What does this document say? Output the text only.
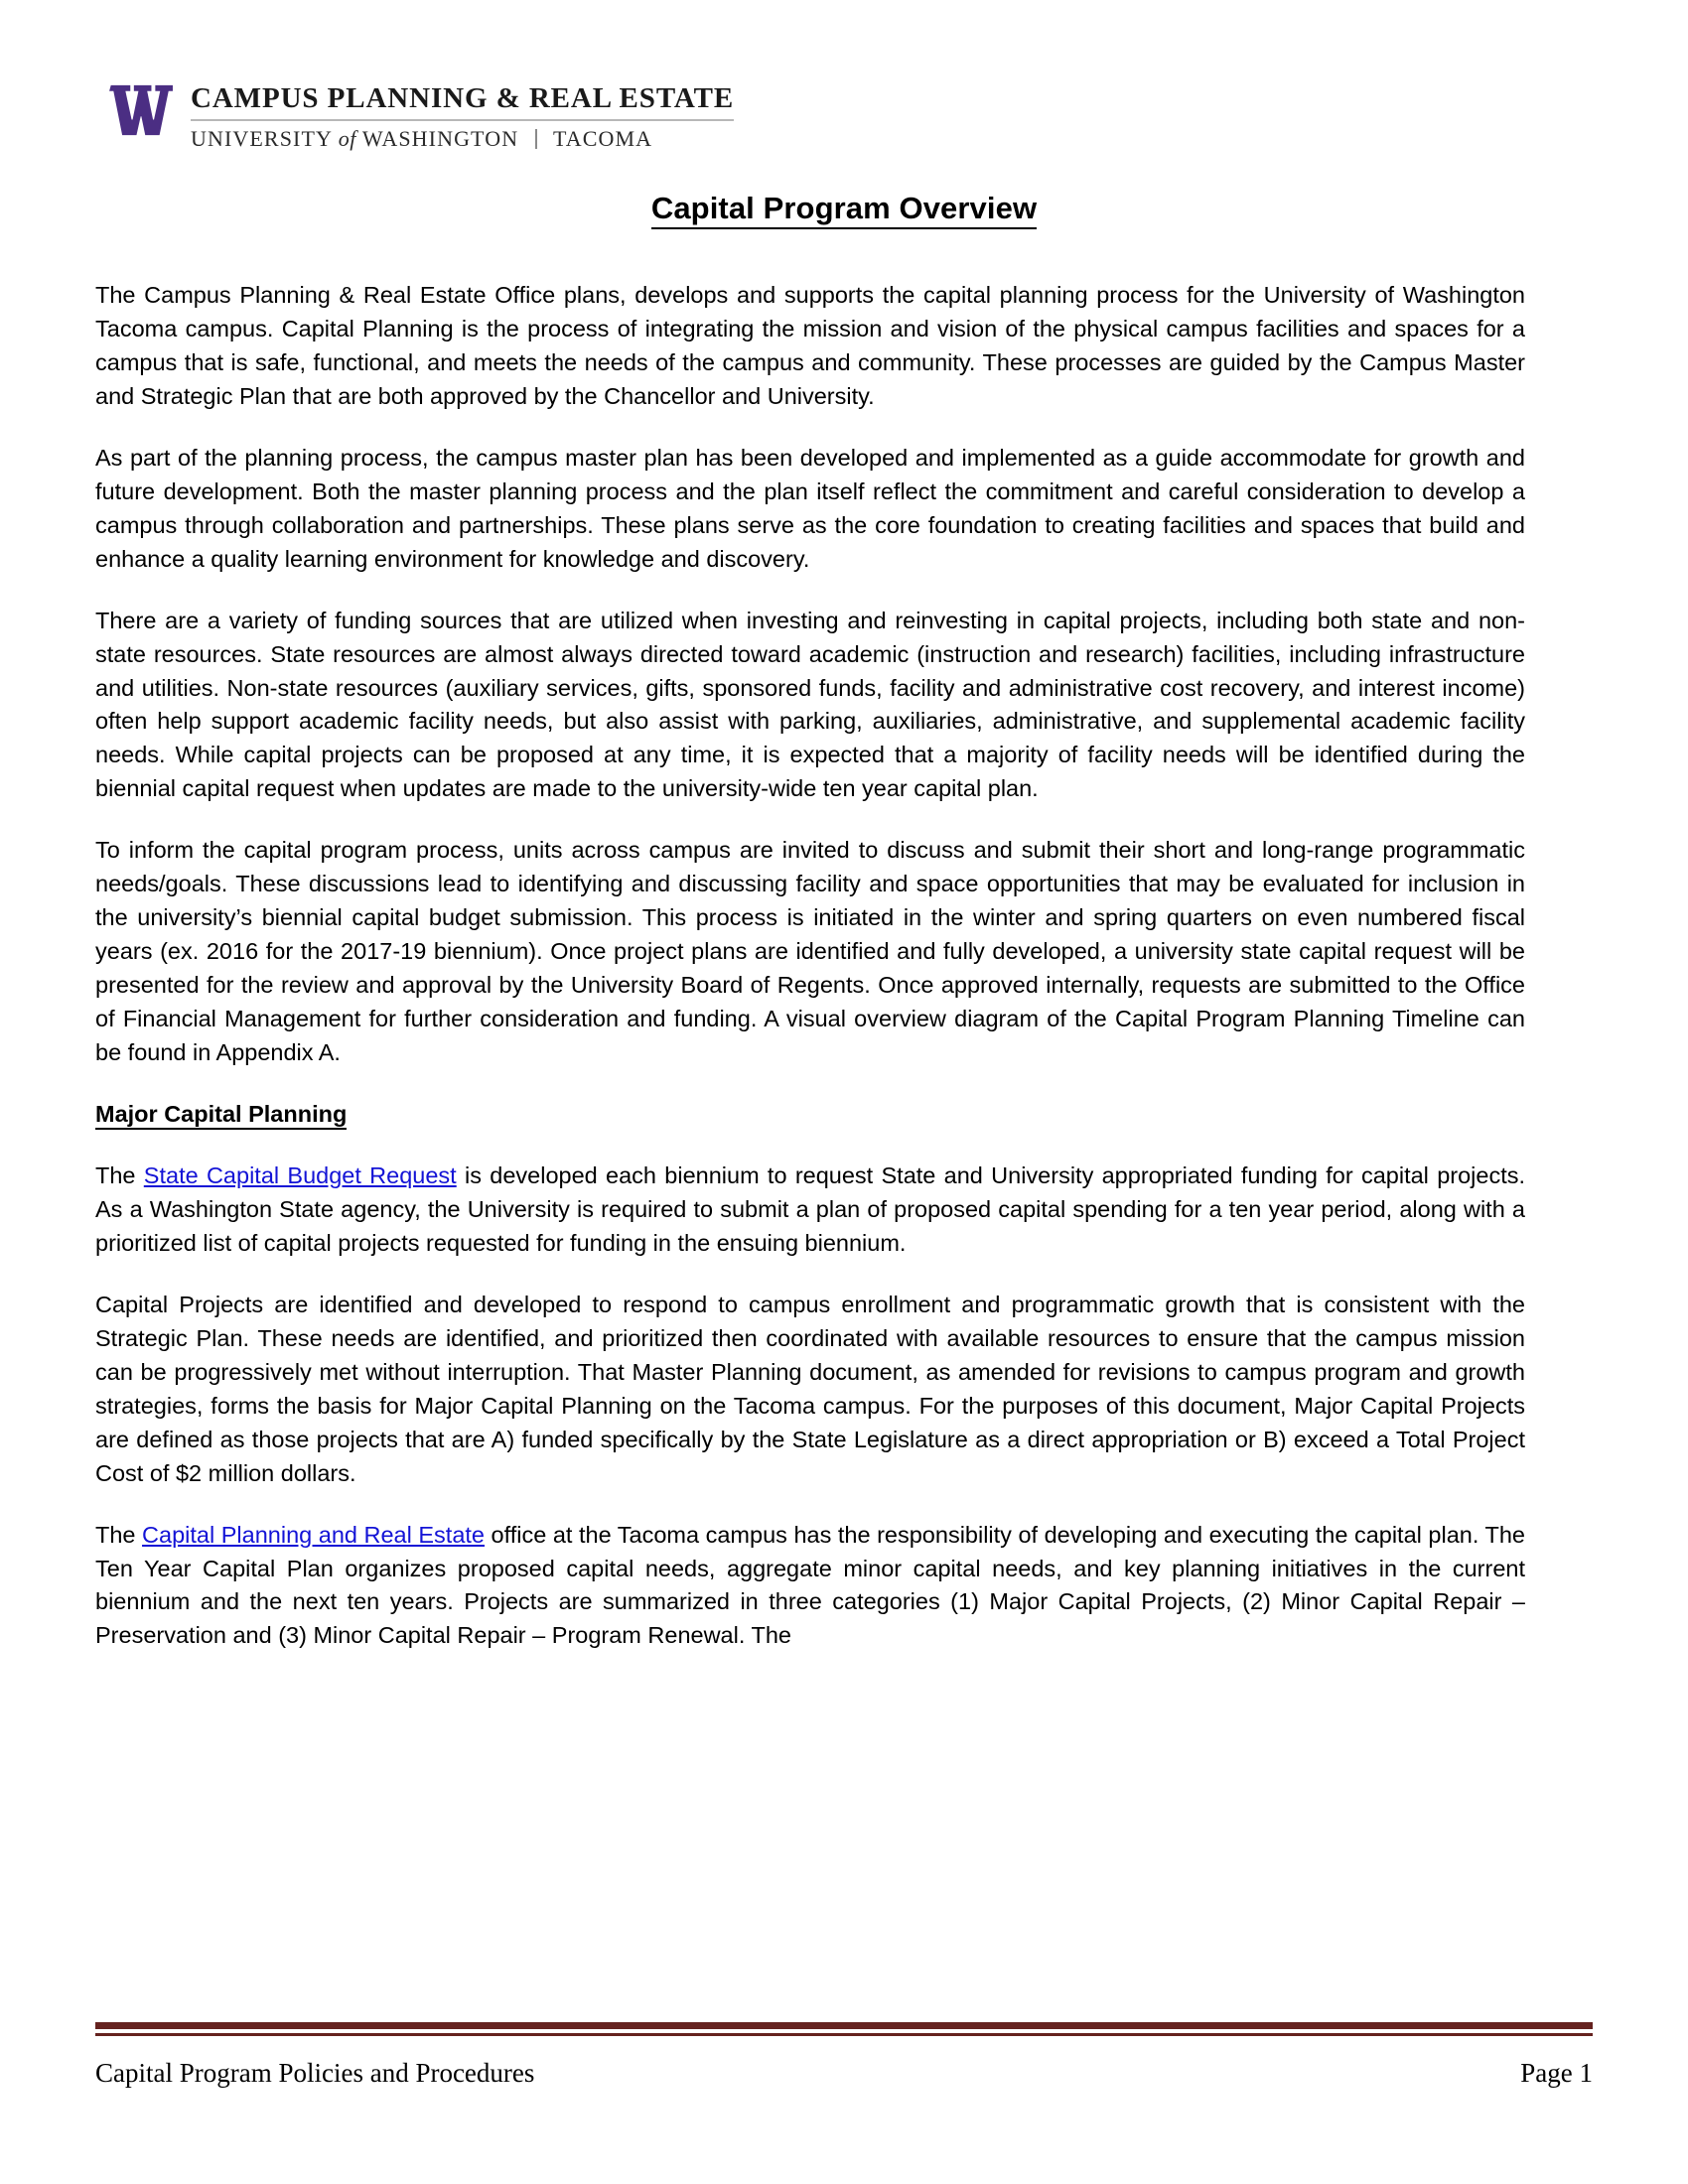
CAMPUS PLANNING & REAL ESTATE
UNIVERSITY of WASHINGTON TACOMA
Capital Program Overview

The Campus Planning & Real Estate Office plans, develops and supports the capital planning process for the University of Washington Tacoma campus. Capital Planning is the process of integrating the mission and vision of the physical campus facilities and spaces for a campus that is safe, functional, and meets the needs of the campus and community. These processes are guided by the Campus Master and Strategic Plan that are both approved by the Chancellor and University.

As part of the planning process, the campus master plan has been developed and implemented as a guide accommodate for growth and future development. Both the master planning process and the plan itself reflect the commitment and careful consideration to develop a campus through collaboration and partnerships. These plans serve as the core foundation to creating facilities and spaces that build and enhance a quality learning environment for knowledge and discovery.

There are a variety of funding sources that are utilized when investing and reinvesting in capital projects, including both state and non-state resources. State resources are almost always directed toward academic (instruction and research) facilities, including infrastructure and utilities. Non-state resources (auxiliary services, gifts, sponsored funds, facility and administrative cost recovery, and interest income) often help support academic facility needs, but also assist with parking, auxiliaries, administrative, and supplemental academic facility needs. While capital projects can be proposed at any time, it is expected that a majority of facility needs will be identified during the biennial capital request when updates are made to the university-wide ten year capital plan.

To inform the capital program process, units across campus are invited to discuss and submit their short and long-range programmatic needs/goals. These discussions lead to identifying and discussing facility and space opportunities that may be evaluated for inclusion in the university’s biennial capital budget submission. This process is initiated in the winter and spring quarters on even numbered fiscal years (ex. 2016 for the 2017-19 biennium). Once project plans are identified and fully developed, a university state capital request will be presented for the review and approval by the University Board of Regents. Once approved internally, requests are submitted to the Office of Financial Management for further consideration and funding. A visual overview diagram of the Capital Program Planning Timeline can be found in Appendix A.

Major Capital Planning

The State Capital Budget Request is developed each biennium to request State and University appropriated funding for capital projects. As a Washington State agency, the University is required to submit a plan of proposed capital spending for a ten year period, along with a prioritized list of capital projects requested for funding in the ensuing biennium.

Capital Projects are identified and developed to respond to campus enrollment and programmatic growth that is consistent with the Strategic Plan. These needs are identified, and prioritized then coordinated with available resources to ensure that the campus mission can be progressively met without interruption. That Master Planning document, as amended for revisions to campus program and growth strategies, forms the basis for Major Capital Planning on the Tacoma campus. For the purposes of this document, Major Capital Projects are defined as those projects that are A) funded specifically by the State Legislature as a direct appropriation or B) exceed a Total Project Cost of $2 million dollars.

The Capital Planning and Real Estate office at the Tacoma campus has the responsibility of developing and executing the capital plan. The Ten Year Capital Plan organizes proposed capital needs, aggregate minor capital needs, and key planning initiatives in the current biennium and the next ten years. Projects are summarized in three categories (1) Major Capital Projects, (2) Minor Capital Repair – Preservation and (3) Minor Capital Repair – Program Renewal. The

Capital Program Policies and Procedures	Page 1
